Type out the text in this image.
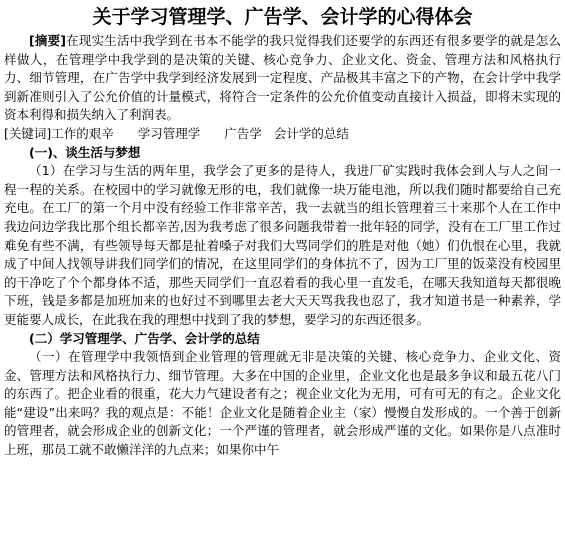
关于学习管理学、广告学、会计学的心得体会

[摘要]在现实生活中我学到在书本不能学的我只觉得我们还要学的东西还有很多要学的就是怎么样做人，在管理学中我学到的是决策的关键、核心竞争力、企业文化、资金、管理方法和风格执行力、细节管理，在广告学中我学到经济发展到一定程度、产品极其丰富之下的产物，在会计学中我学到新准则引入了公允价值的计量模式，将符合一定条件的公允价值变动直接计入损益，即将未实现的资本利得和损失纳入了利润表。

[关键词]工作的艰辛 学习管理学 广告学 会计学的总结

(一)、谈生活与梦想

（1）在学习与生活的两年里，我学会了更多的是待人，我进厂矿实践时我体会到人与人之间一程一程的关系。在校园中的学习就像无形的电，我们就像一块万能电池，所以我们随时都要给自己充充电。在工厂的第一个月中没有经验工作非常辛苦，我一去就当的组长管理着三十来那个人在工作中我边问边学我比那个组长都辛苦,因为我考虑了很多问题我带着一批年轻的同学，没有在工厂里工作过难免有些不满，有些领导每天都是扯着嗓子对我们大骂同学们的胜是对他（她）们仇恨在心里，我就成了中间人找领导讲我们同学们的情况，在这里同学们的身体抗不了，因为工厂里的饭菜没有校园里的干净吃了个个都身体不适，那些天同学们一直忍着看的我心里一直发毛，在哪天我知道每天都很晚下班，钱是多都是加班加来的也好过不到哪里去老大天天骂我我也忍了，我才知道书是一种素养，学更能要人成长，在此我在我的理想中找到了我的梦想，要学习的东西还很多。

(二）学习管理学、广告学、会计学的总结

（一）在管理学中我领悟到企业管理的管理就无非是决策的关键、核心竞争力、企业文化、资金、管理方法和风格执行力、细节管理。大多在中国的企业里，企业文化也是最多争议和最五花八门的东西了。把企业看的很重，花大力气建设者有之；视企业文化为无用，可有可无的有之。企业文化能“建设”出来吗？我的观点是：不能！企业文化是随着企业主（家）慢慢自发形成的。一个善于创新的管理者，就会形成企业的创新文化；一个严谨的管理者，就会形成严谨的文化。如果你是八点准时上班，那员工就不敢懒洋洋的九点来；如果你中午
